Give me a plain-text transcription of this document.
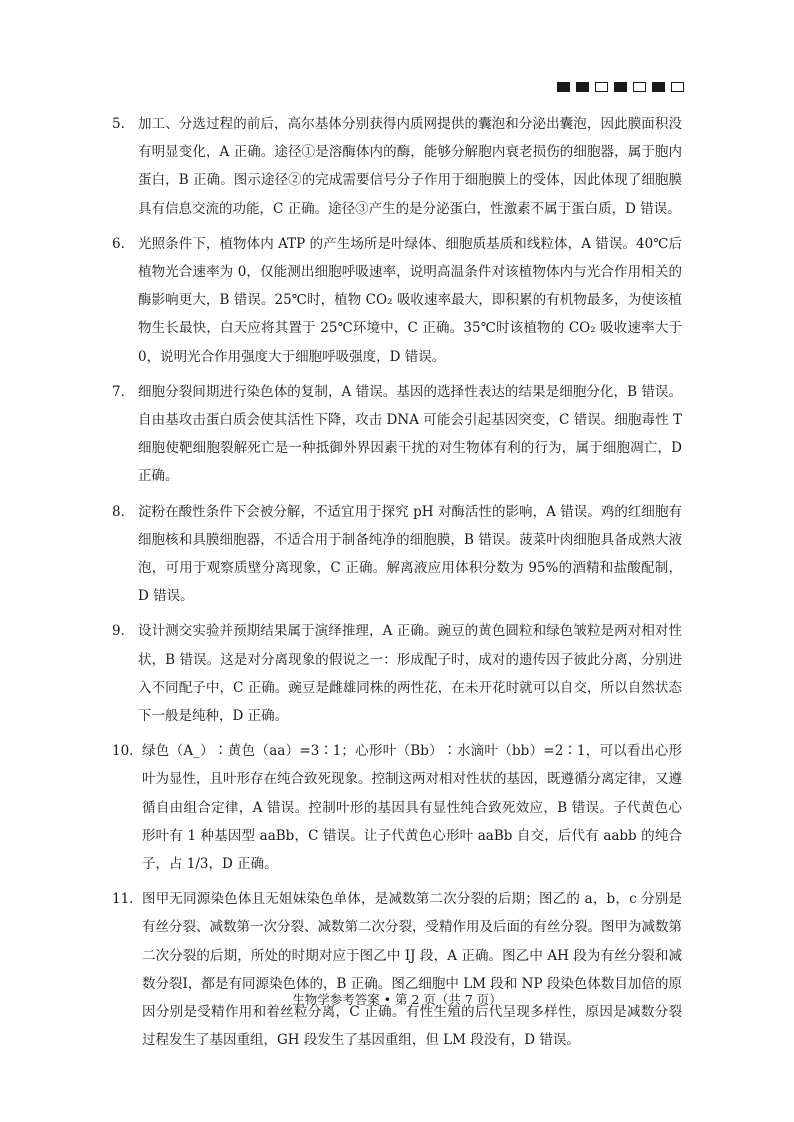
5． 加工、分选过程的前后，高尔基体分别获得内质网提供的囊泡和分泌出囊泡，因此膜面积没有明显变化，A 正确。途径①是溶酶体内的酶，能够分解胞内衰老损伤的细胞器，属于胞内蛋白，B 正确。图示途径②的完成需要信号分子作用于细胞膜上的受体，因此体现了细胞膜具有信息交流的功能，C 正确。途径③产生的是分泌蛋白，性激素不属于蛋白质，D 错误。
6． 光照条件下，植物体内 ATP 的产生场所是叶绿体、细胞质基质和线粒体，A 错误。40℃后植物光合速率为 0，仅能测出细胞呼吸速率，说明高温条件对该植物体内与光合作用相关的酶影响更大，B 错误。25℃时，植物 CO₂ 吸收速率最大，即积累的有机物最多，为使该植物生长最快，白天应将其置于 25℃环境中，C 正确。35℃时该植物的 CO₂ 吸收速率大于 0，说明光合作用强度大于细胞呼吸强度，D 错误。
7． 细胞分裂间期进行染色体的复制，A 错误。基因的选择性表达的结果是细胞分化，B 错误。自由基攻击蛋白质会使其活性下降，攻击 DNA 可能会引起基因突变，C 错误。细胞毒性 T 细胞使靶细胞裂解死亡是一种抵御外界因素干扰的对生物体有利的行为，属于细胞凋亡，D 正确。
8． 淀粉在酸性条件下会被分解，不适宜用于探究 pH 对酶活性的影响，A 错误。鸡的红细胞有细胞核和具膜细胞器，不适合用于制备纯净的细胞膜，B 错误。菠菜叶肉细胞具备成熟大液泡，可用于观察质壁分离现象，C 正确。解离液应用体积分数为 95%的酒精和盐酸配制，D 错误。
9． 设计测交实验并预期结果属于演绎推理，A 正确。豌豆的黄色圆粒和绿色皱粒是两对相对性状，B 错误。这是对分离现象的假说之一：形成配子时，成对的遗传因子彼此分离，分别进入不同配子中，C 正确。豌豆是雌雄同株的两性花，在未开花时就可以自交，所以自然状态下一般是纯种，D 正确。
10． 绿色（A_）∶黄色（aa）=3∶1；心形叶（Bb）∶水滴叶（bb）=2∶1，可以看出心形叶为显性，且叶形存在纯合致死现象。控制这两对相对性状的基因，既遵循分离定律，又遵循自由组合定律，A 错误。控制叶形的基因具有显性纯合致死效应，B 错误。子代黄色心形叶有 1 种基因型 aaBb，C 错误。让子代黄色心形叶 aaBb 自交，后代有 aabb 的纯合子，占 1/3，D 正确。
11． 图甲无同源染色体且无姐妹染色单体，是减数第二次分裂的后期；图乙的 a，b，c 分别是有丝分裂、减数第一次分裂、减数第二次分裂，受精作用及后面的有丝分裂。图甲为减数第二次分裂的后期，所处的时期对应于图乙中 IJ 段，A 正确。图乙中 AH 段为有丝分裂和减数分裂Ⅰ，都是有同源染色体的，B 正确。图乙细胞中 LM 段和 NP 段染色体数目加倍的原因分别是受精作用和着丝粒分离，C 正确。有性生殖的后代呈现多样性，原因是减数分裂过程发生了基因重组，GH 段发生了基因重组，但 LM 段没有，D 错误。
生物学参考答案 • 第 2 页（共 7 页）
